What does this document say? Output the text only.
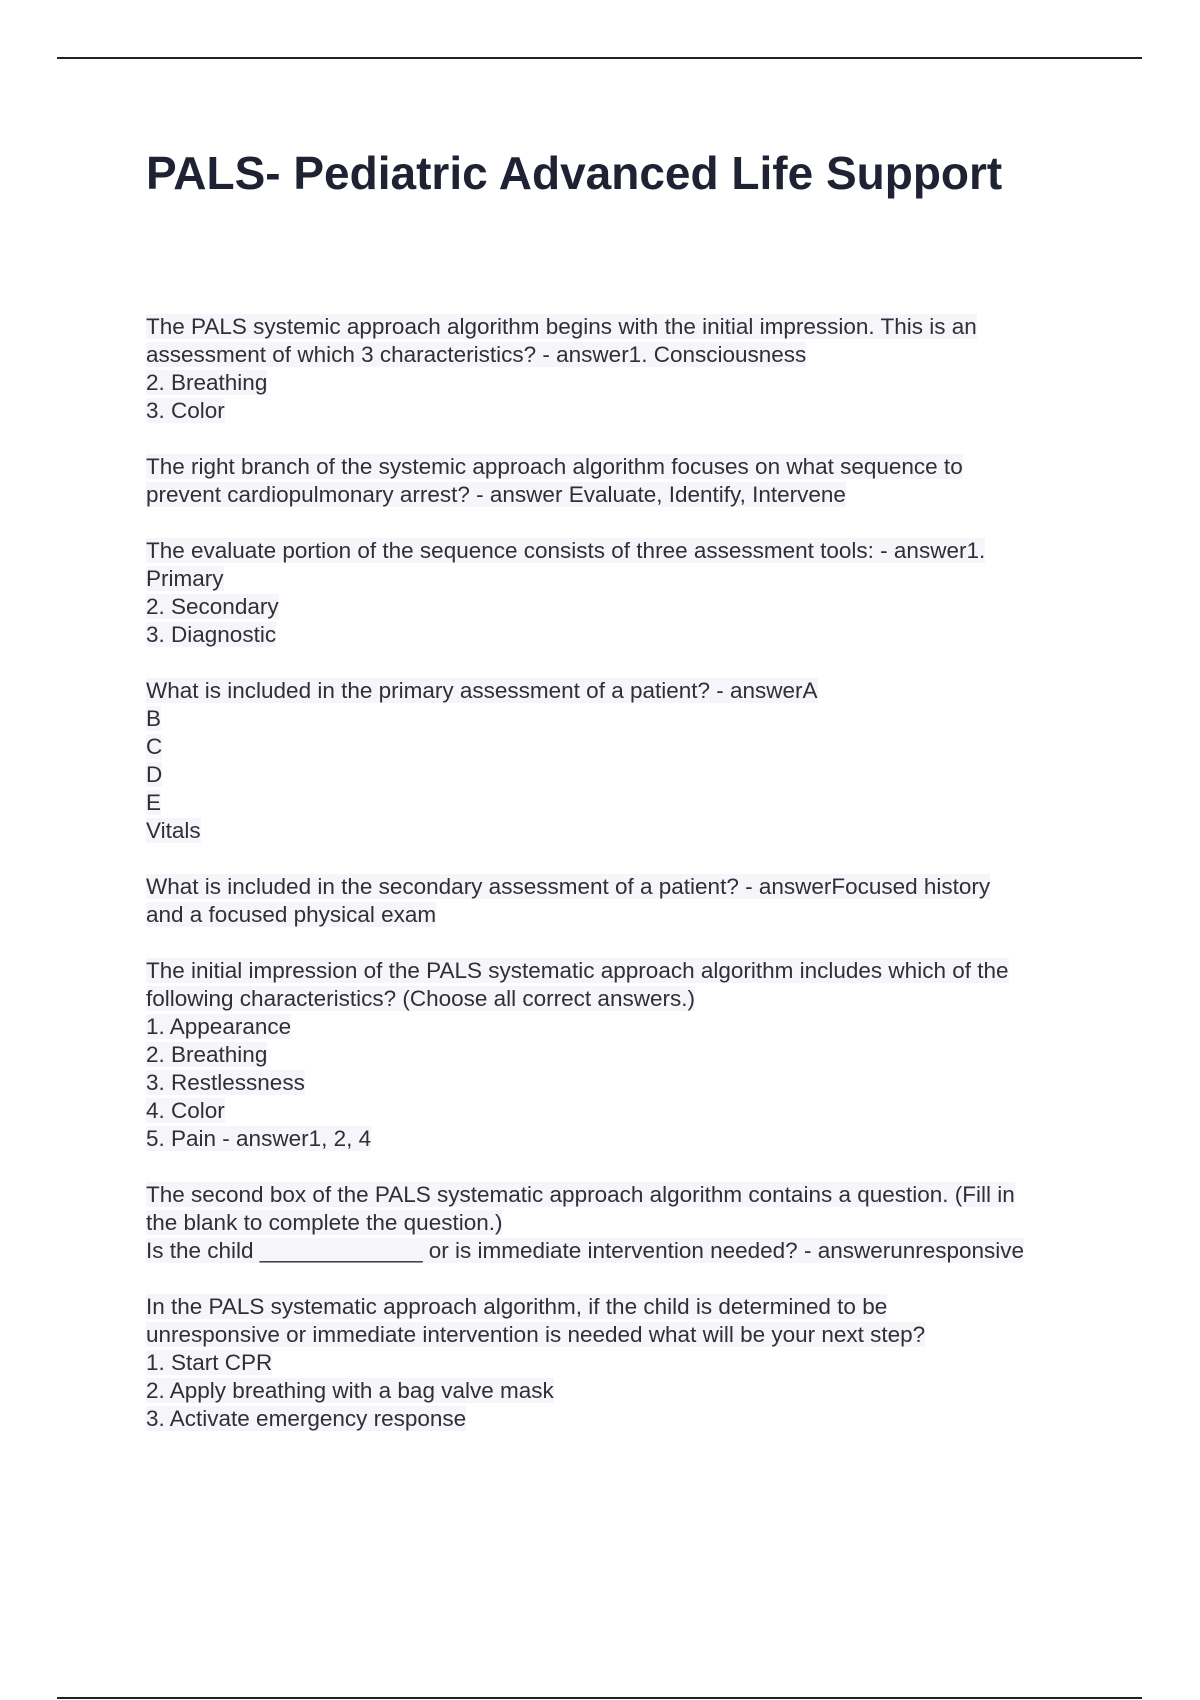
PALS- Pediatric Advanced Life Support
The PALS systemic approach algorithm begins with the initial impression. This is an
assessment of which 3 characteristics? - answer1. Consciousness
2. Breathing
3. Color
The right branch of the systemic approach algorithm focuses on what sequence to
prevent cardiopulmonary arrest? - answer Evaluate, Identify, Intervene
The evaluate portion of the sequence consists of three assessment tools: - answer1.
Primary
2. Secondary
3. Diagnostic
What is included in the primary assessment of a patient? - answerA
B
C
D
E
Vitals
What is included in the secondary assessment of a patient? - answerFocused history
and a focused physical exam
The initial impression of the PALS systematic approach algorithm includes which of the
following characteristics? (Choose all correct answers.)
1. Appearance
2. Breathing
3. Restlessness
4. Color
5. Pain - answer1, 2, 4
The second box of the PALS systematic approach algorithm contains a question. (Fill in
the blank to complete the question.)
Is the child _____________ or is immediate intervention needed? - answerunresponsive
In the PALS systematic approach algorithm, if the child is determined to be
unresponsive or immediate intervention is needed what will be your next step?
1. Start CPR
2. Apply breathing with a bag valve mask
3. Activate emergency response
